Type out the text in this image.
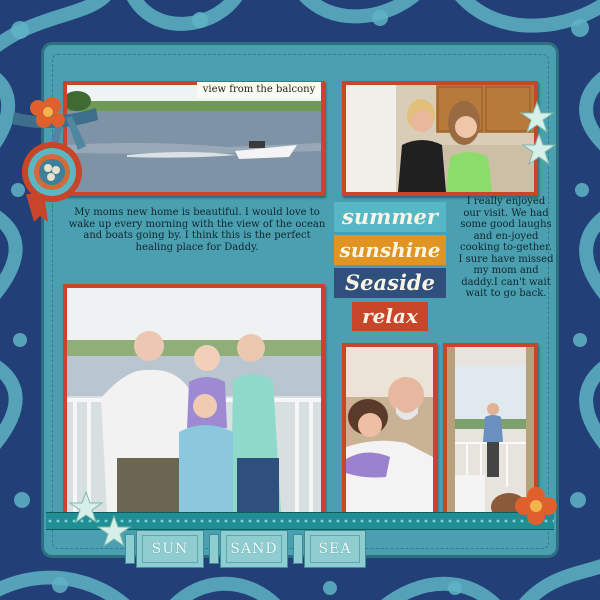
view from the balcony
My moms new home is beautiful. I would love to wake up every morning with the view of the ocean and boats going by. I think this is the perfect healing place for Daddy.
summer
sunshine
Seaside
relax
I really enjoyed our visit. We had some good laughs and en-joyed cooking to-gether. I sure have missed my mom and daddy.I can't wait wait to go back.
SUN	SAND	SEA
